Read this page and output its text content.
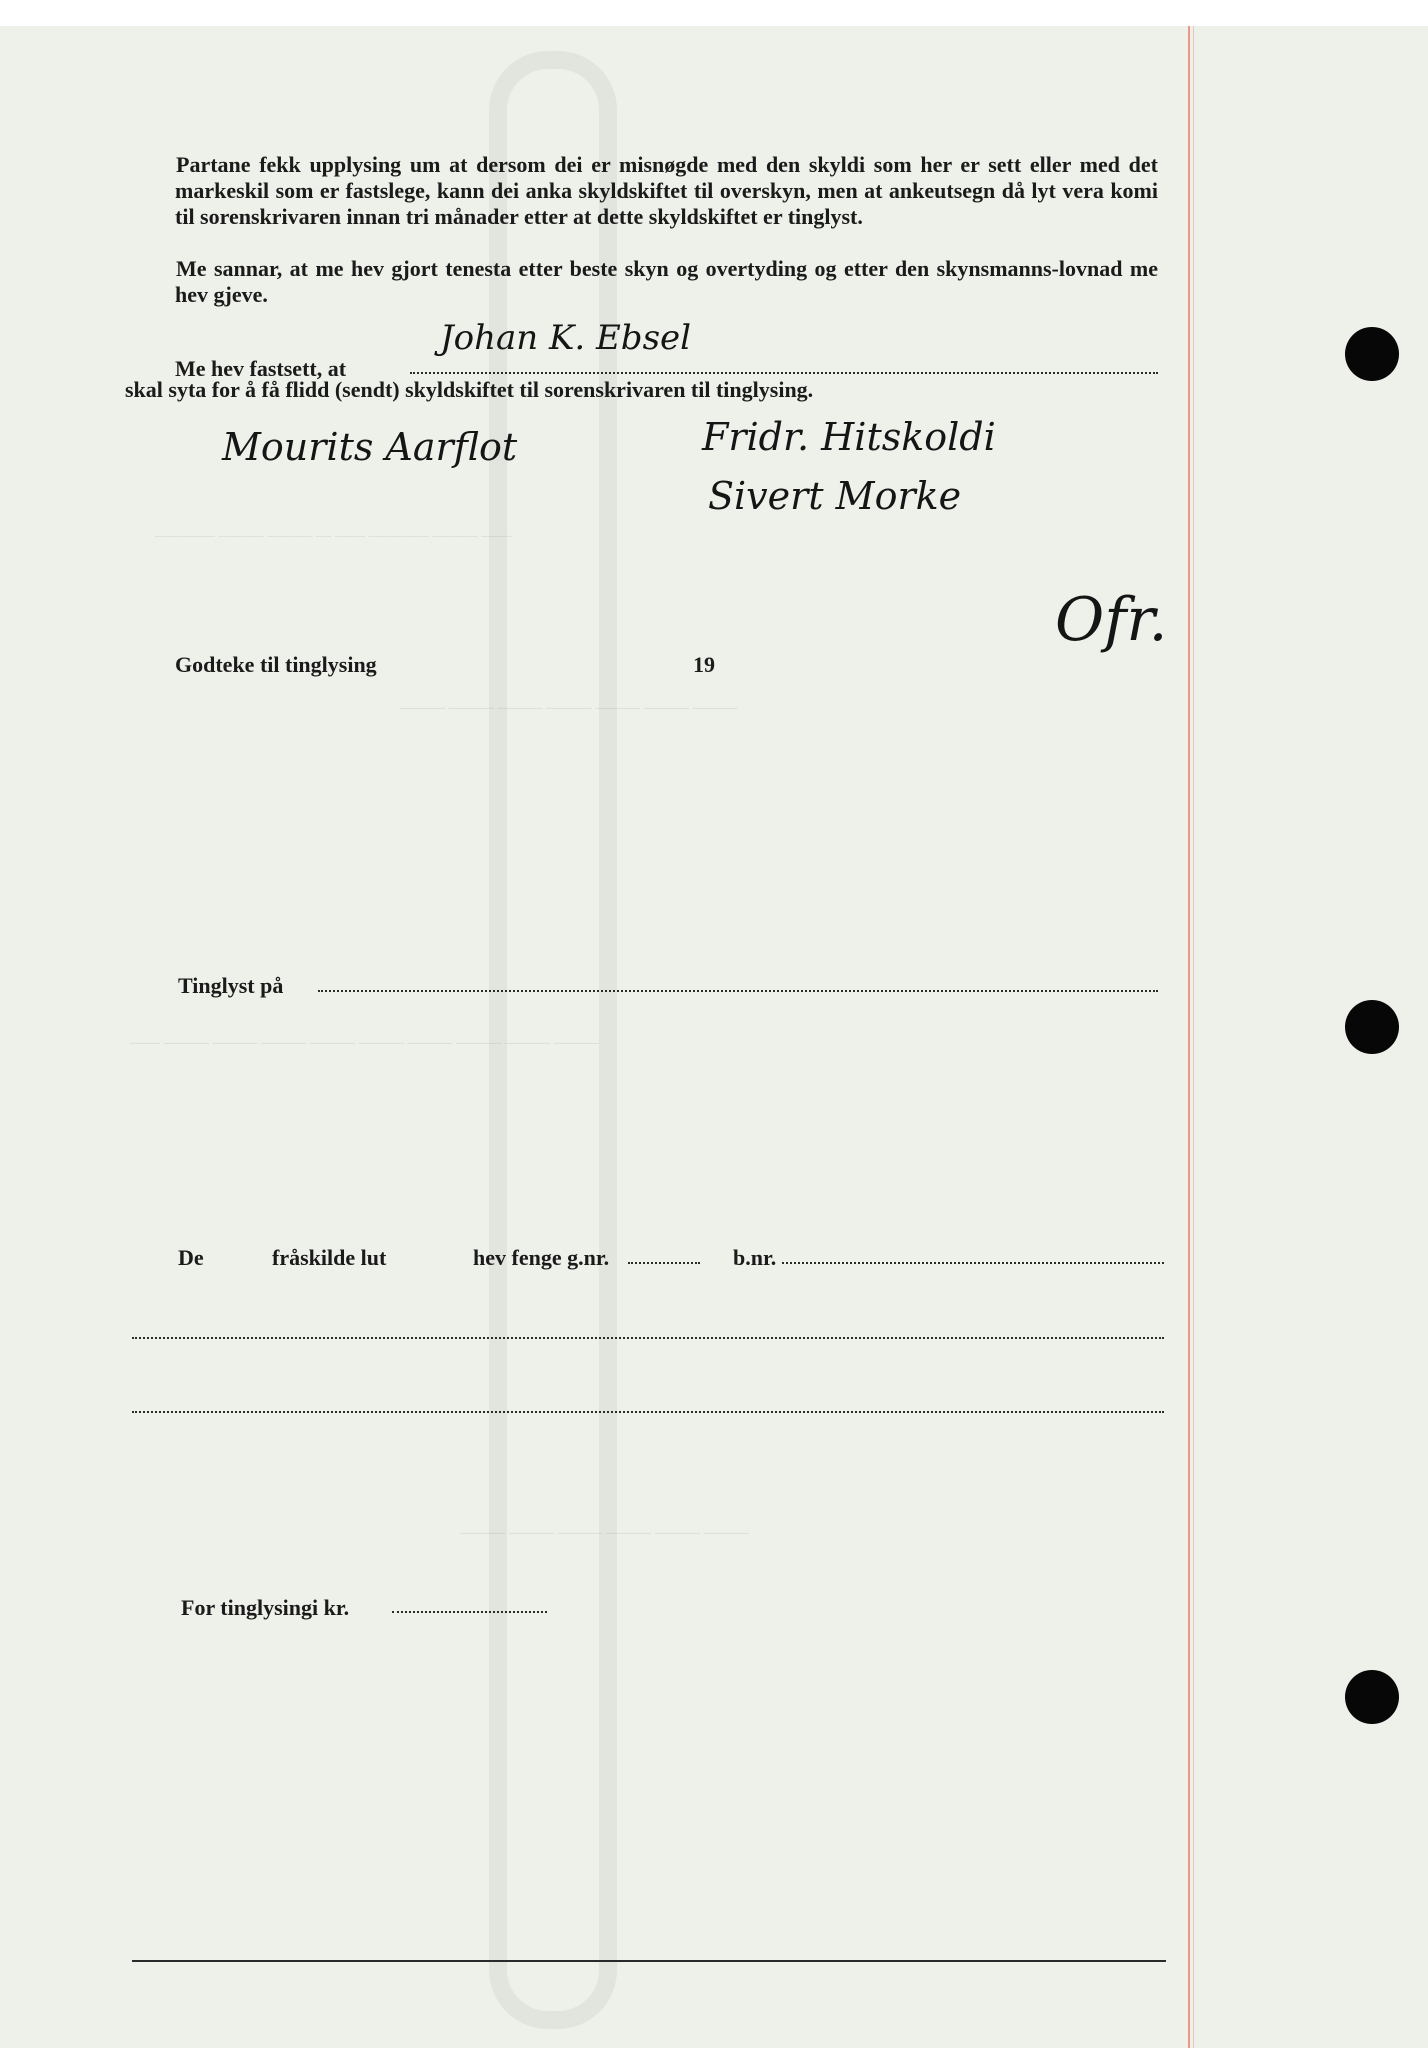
———— ——— ——— — —— ———— ——— ——
——— ——— ——— ——— ——— ——— ———
—— ——— ——— ——— ——— ——— ——— ——— ——— ———
——— ——— ——— ——— ——— ———
Partane fekk upplysing um at dersom dei er misnøgde med den skyldi som her er sett eller med det markeskil som er fastslege, kann dei anka skyldskiftet til overskyn, men at ankeutsegn då lyt vera komi til sorenskrivaren innan tri månader etter at dette skyldskiftet er tinglyst.
Me sannar, at me hev gjort tenesta etter beste skyn og overtyding og etter den skynsmanns-lovnad me hev gjeve.
Me hev fastsett, at
Johan K. Ebsel
skal syta for å få flidd (sendt) skyldskiftet til sorenskrivaren til tinglysing.
Mourits Aarflot	Fridr. Hitskoldi
Sivert Morke
Ofr.
Godteke til tinglysing	19
Tinglyst på
De	fråskilde lut	hev fenge g.nr.	b.nr.
For tinglysingi kr.
